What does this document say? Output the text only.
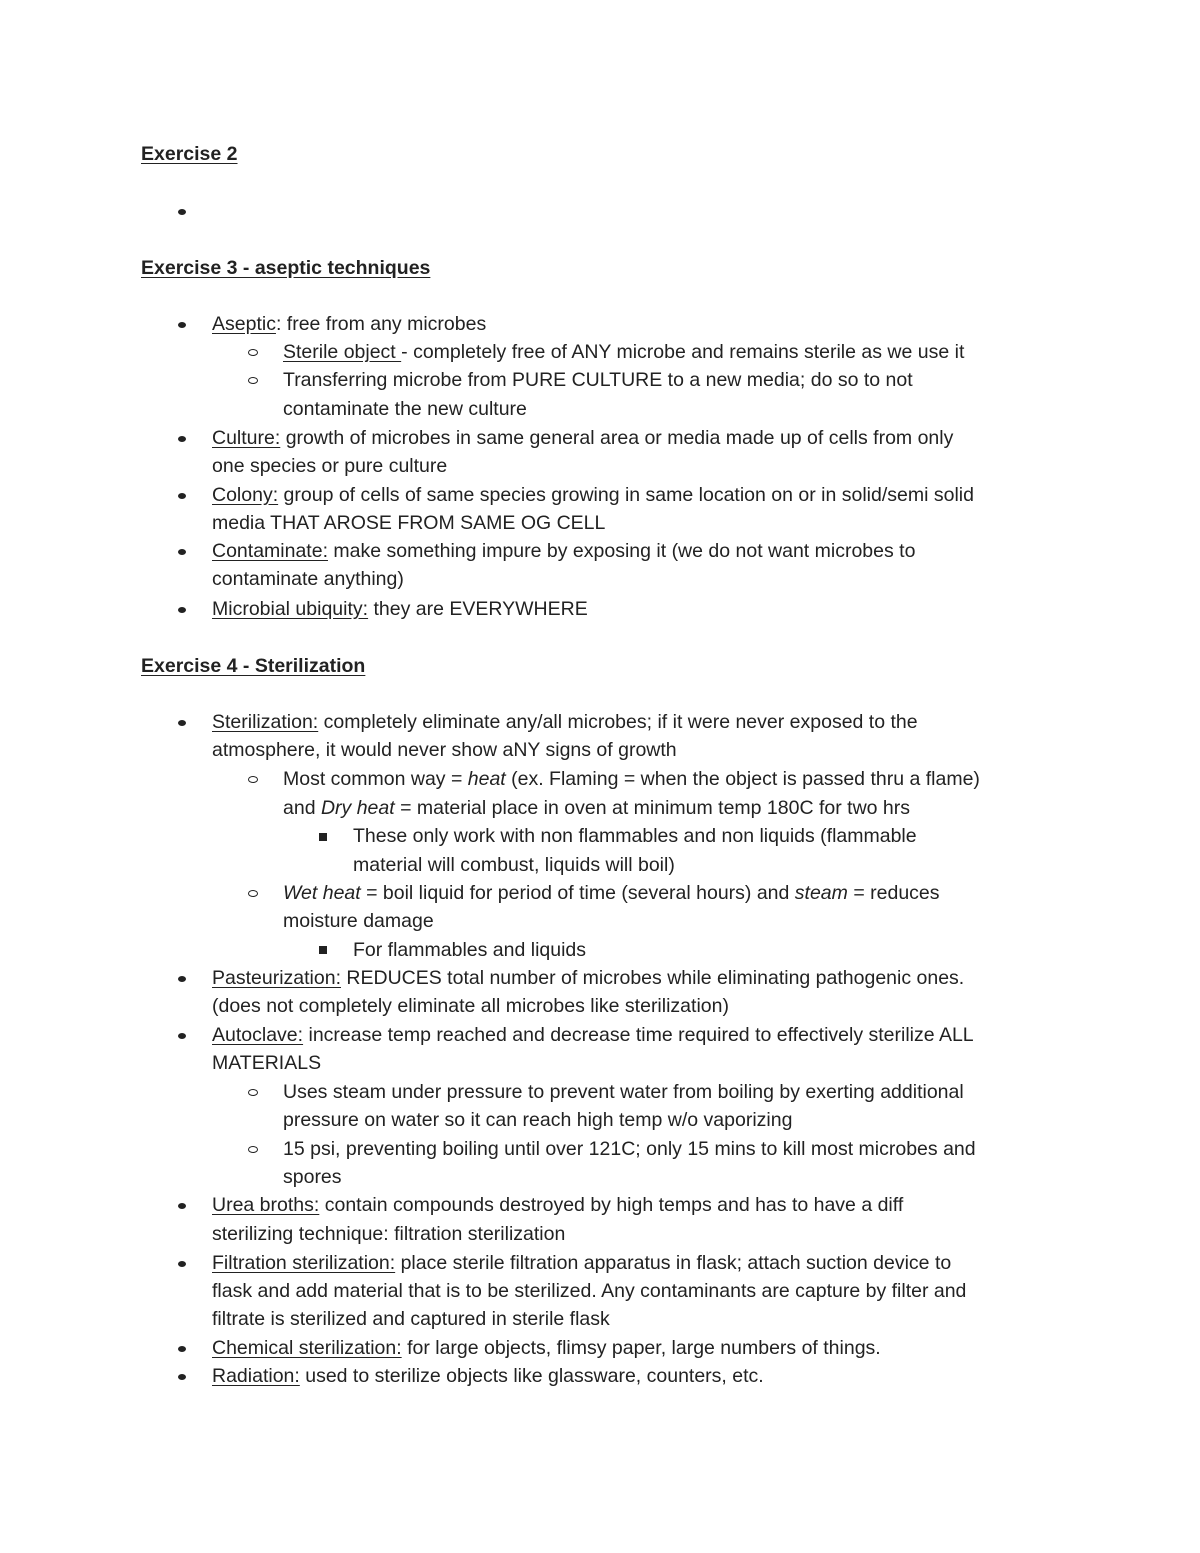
Exercise 2
Exercise 3 - aseptic techniques
Aseptic: free from any microbes
Sterile object - completely free of ANY microbe and remains sterile as we use it
Transferring microbe from PURE CULTURE to a new media; do so to not
contaminate the new culture
Culture: growth of microbes in same general area or media made up of cells from only
one species or pure culture
Colony: group of cells of same species growing in same location on or in solid/semi solid
media THAT AROSE FROM SAME OG CELL
Contaminate: make something impure by exposing it (we do not want microbes to
contaminate anything)
Microbial ubiquity: they are EVERYWHERE
Exercise 4 - Sterilization
Sterilization: completely eliminate any/all microbes; if it were never exposed to the
atmosphere, it would never show aNY signs of growth
Most common way = heat (ex. Flaming = when the object is passed thru a flame)
and Dry heat = material place in oven at minimum temp 180C for two hrs
These only work with non flammables and non liquids (flammable
material will combust, liquids will boil)
Wet heat = boil liquid for period of time (several hours) and steam = reduces
moisture damage
For flammables and liquids
Pasteurization: REDUCES total number of microbes while eliminating pathogenic ones.
(does not completely eliminate all microbes like sterilization)
Autoclave: increase temp reached and decrease time required to effectively sterilize ALL
MATERIALS
Uses steam under pressure to prevent water from boiling by exerting additional
pressure on water so it can reach high temp w/o vaporizing
15 psi, preventing boiling until over 121C; only 15 mins to kill most microbes and
spores
Urea broths: contain compounds destroyed by high temps and has to have a diff
sterilizing technique: filtration sterilization
Filtration sterilization: place sterile filtration apparatus in flask; attach suction device to
flask and add material that is to be sterilized. Any contaminants are capture by filter and
filtrate is sterilized and captured in sterile flask
Chemical sterilization: for large objects, flimsy paper, large numbers of things.
Radiation: used to sterilize objects like glassware, counters, etc.
